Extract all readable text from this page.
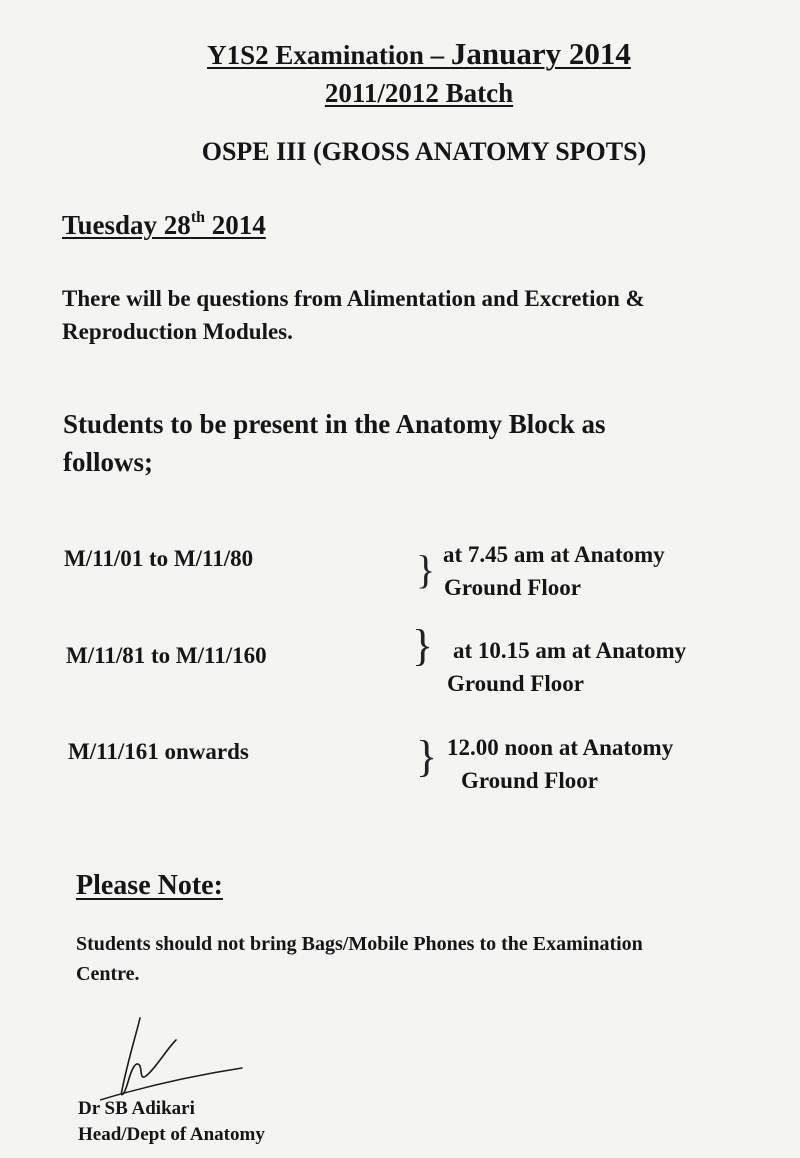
Y1S2 Examination – January 2014
2011/2012 Batch
OSPE III (GROSS ANATOMY SPOTS)
Tuesday 28th 2014
There will be questions from Alimentation and Excretion &
Reproduction Modules.
Students to be present in the Anatomy Block as
follows;
M/11/01 to M/11/80	} at 7.45 am at Anatomy
Ground Floor
M/11/81 to M/11/160	} at 10.15 am at Anatomy
Ground Floor
M/11/161 onwards	} 12.00 noon at Anatomy
Ground Floor
Please Note:
Students should not bring Bags/Mobile Phones to the Examination
Centre.
Dr SB Adikari
Head/Dept of Anatomy
